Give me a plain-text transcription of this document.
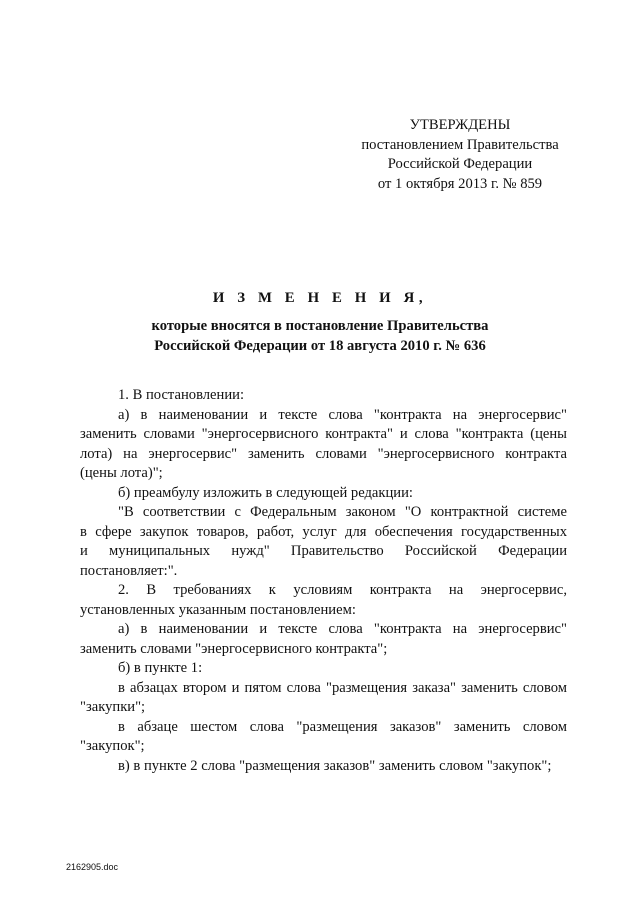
УТВЕРЖДЕНЫ
постановлением Правительства
Российской Федерации
от 1 октября 2013 г. № 859
И З М Е Н Е Н И Я,
которые вносятся в постановление Правительства
Российской Федерации от 18 августа 2010 г. № 636
1. В постановлении:
а) в наименовании и тексте слова "контракта на энергосервис"
заменить словами "энергосервисного контракта" и слова "контракта (цены
лота) на энергосервис" заменить словами "энергосервисного контракта
(цены лота)";
б) преамбулу изложить в следующей редакции:
"В соответствии с Федеральным законом "О контрактной системе
в сфере закупок товаров, работ, услуг для обеспечения государственных
и муниципальных нужд" Правительство Российской Федерации
постановляет:".
2. В требованиях к условиям контракта на энергосервис,
установленных указанным постановлением:
а) в наименовании и тексте слова "контракта на энергосервис"
заменить словами "энергосервисного контракта";
б) в пункте 1:
в абзацах втором и пятом слова "размещения заказа" заменить словом
"закупки";
в абзаце шестом слова "размещения заказов" заменить словом
"закупок";
в) в пункте 2 слова "размещения заказов" заменить словом "закупок";
2162905.doc
